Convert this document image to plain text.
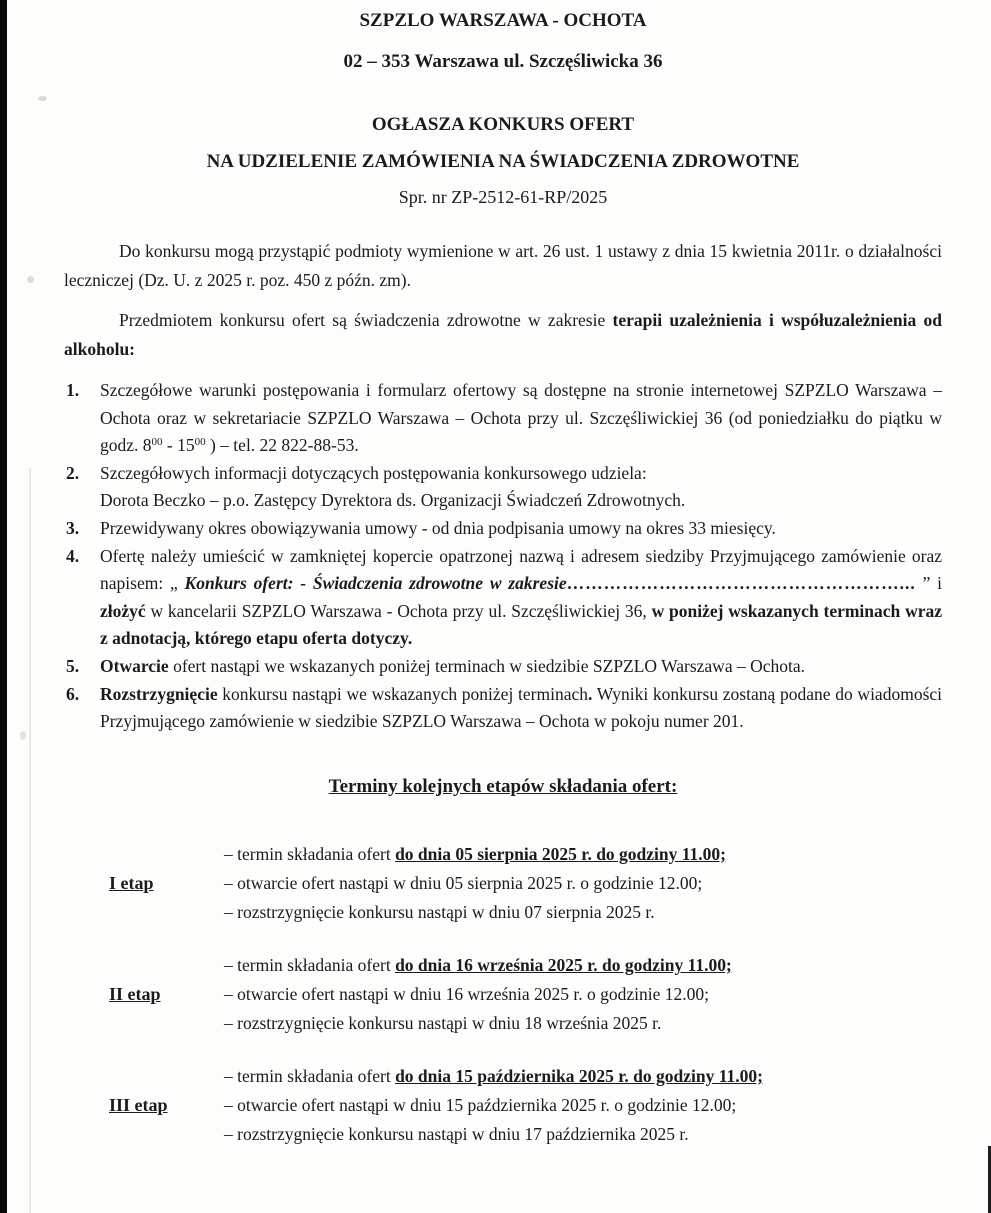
SZPZLO WARSZAWA - OCHOTA
02 – 353 Warszawa ul. Szczęśliwicka 36
OGŁASZA KONKURS OFERT
NA UDZIELENIE ZAMÓWIENIA NA ŚWIADCZENIA ZDROWOTNE
Spr. nr ZP-2512-61-RP/2025
Do konkursu mogą przystąpić podmioty wymienione w art. 26 ust. 1 ustawy z dnia 15 kwietnia 2011r. o działalności leczniczej (Dz. U. z 2025 r. poz. 450 z późn. zm).
Przedmiotem konkursu ofert są świadczenia zdrowotne w zakresie terapii uzależnienia i współuzależnienia od alkoholu:
1. Szczegółowe warunki postępowania i formularz ofertowy są dostępne na stronie internetowej SZPZLO Warszawa – Ochota oraz w sekretariacie SZPZLO Warszawa – Ochota przy ul. Szczęśliwickiej 36 (od poniedziałku do piątku w godz. $8^{00} - 15^{00}$ ) – tel. 22 822-88-53.
2. Szczegółowych informacji dotyczących postępowania konkursowego udziela:
Dorota Beczko – p.o. Zastępcy Dyrektora ds. Organizacji Świadczeń Zdrowotnych.
3. Przewidywany okres obowiązywania umowy - od dnia podpisania umowy na okres 33 miesięcy.
4. Ofertę należy umieścić w zamkniętej kopercie opatrzonej nazwą i adresem siedziby Przyjmującego zamówienie oraz napisem: „ Konkurs ofert: - Świadczenia zdrowotne w zakresie………………………………………………... ” i złożyć w kancelarii SZPZLO Warszawa - Ochota przy ul. Szczęśliwickiej 36, w poniżej wskazanych terminach wraz z adnotacją, którego etapu oferta dotyczy.
5. Otwarcie ofert nastąpi we wskazanych poniżej terminach w siedzibie SZPZLO Warszawa – Ochota.
6. Rozstrzygnięcie konkursu nastąpi we wskazanych poniżej terminach. Wyniki konkursu zostaną podane do wiadomości Przyjmującego zamówienie w siedzibie SZPZLO Warszawa – Ochota w pokoju numer 201.
Terminy kolejnych etapów składania ofert:
I etap
– termin składania ofert do dnia 05 sierpnia 2025 r. do godziny 11.00;
– otwarcie ofert nastąpi w dniu 05 sierpnia 2025 r. o godzinie 12.00;
– rozstrzygnięcie konkursu nastąpi w dniu 07 sierpnia 2025 r.
II etap
– termin składania ofert do dnia 16 września 2025 r. do godziny 11.00;
– otwarcie ofert nastąpi w dniu 16 września 2025 r. o godzinie 12.00;
– rozstrzygnięcie konkursu nastąpi w dniu 18 września 2025 r.
III etap
– termin składania ofert do dnia 15 października 2025 r. do godziny 11.00;
– otwarcie ofert nastąpi w dniu 15 października 2025 r. o godzinie 12.00;
– rozstrzygnięcie konkursu nastąpi w dniu 17 października 2025 r.
